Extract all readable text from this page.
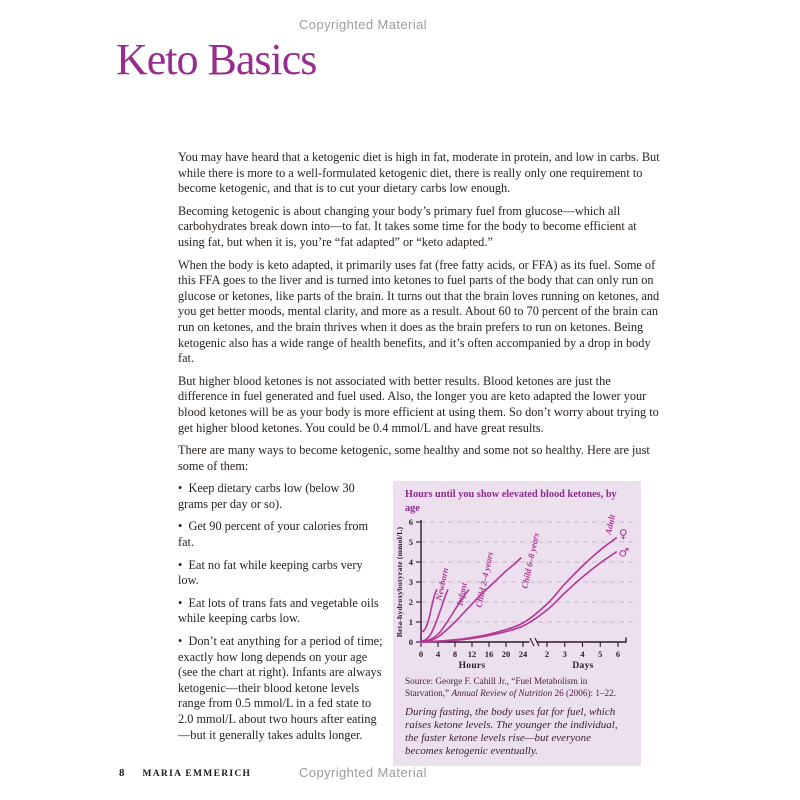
Copyrighted Material
Keto Basics

You may have heard that a ketogenic diet is high in fat, moderate in protein, and low in carbs. But while there is more to a well-formulated ketogenic diet, there is really only one requirement to become ketogenic, and that is to cut your dietary carbs low enough.

Becoming ketogenic is about changing your body’s primary fuel from glucose—which all carbohydrates break down into—to fat. It takes some time for the body to become efficient at using fat, but when it is, you’re “fat adapted” or “keto adapted.”

When the body is keto adapted, it primarily uses fat (free fatty acids, or FFA) as its fuel. Some of this FFA goes to the liver and is turned into ketones to fuel parts of the body that can only run on glucose or ketones, like parts of the brain. It turns out that the brain loves running on ketones, and you get better moods, mental clarity, and more as a result. About 60 to 70 percent of the brain can run on ketones, and the brain thrives when it does as the brain prefers to run on ketones. Being ketogenic also has a wide range of health benefits, and it’s often accompanied by a drop in body fat.

But higher blood ketones is not associated with better results. Blood ketones are just the difference in fuel generated and fuel used. Also, the longer you are keto adapted the lower your blood ketones will be as your body is more efficient at using them. So don’t worry about trying to get higher blood ketones. You could be 0.4 mmol/L and have great results.

There are many ways to become ketogenic, some healthy and some not so healthy. Here are just some of them:

•  Keep dietary carbs low (below 30 grams per day or so).

•  Get 90 percent of your calories from fat.

•  Eat no fat while keeping carbs very low.

•  Eat lots of trans fats and vegetable oils while keeping carbs low.

•  Don’t eat anything for a period of time; exactly how long depends on your age (see the chart at right). Infants are always ketogenic—their blood ketone levels range from 0.5 mmol/L in a fed state to 2.0 mmol/L about two hours after eating—but it generally takes adults longer.

Hours until you show elevated blood ketones, by age
0
1
2
3
4
5
6
0 4 8 12 16 20 24 2 3 4 5 6
Hours	Days
Beta-hydroxybutyrate (mmol/L)	Newborn Infant Child 2–4 years	Child 6–8 years
Adult ♀
♂
Source: George F. Cahill Jr., “Fuel Metabolism in Starvation,” Annual Review of Nutrition 26 (2006): 1–22.
During fasting, the body uses fat for fuel, which raises ketone levels. The younger the individual, the faster ketone levels rise—but everyone becomes ketogenic eventually.
8 MARIA EMMERICH	Copyrighted Material
